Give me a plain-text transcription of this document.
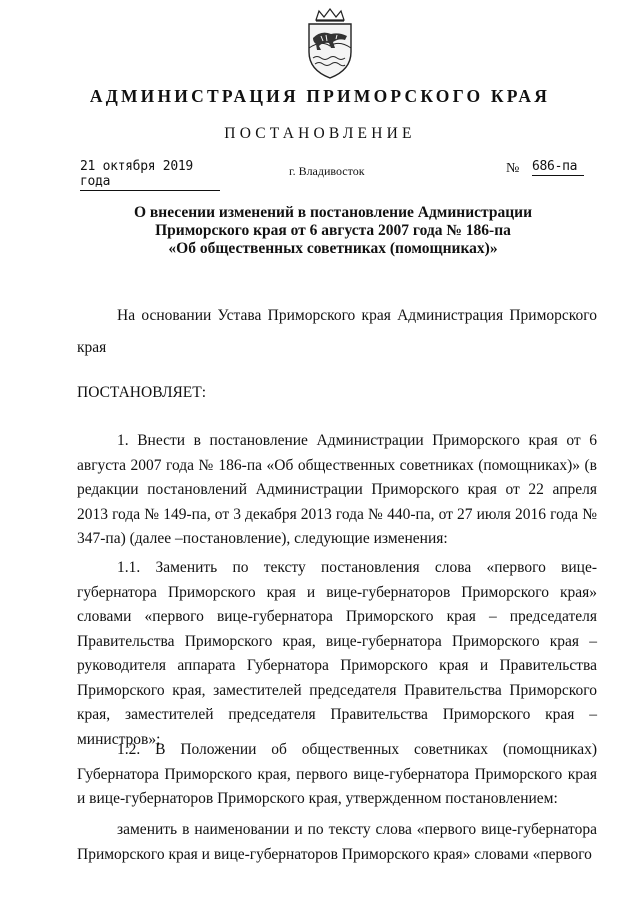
АДМИНИСТРАЦИЯ ПРИМОРСКОГО КРАЯ
ПОСТАНОВЛЕНИЕ
21 октября 2019 года
г. Владивосток	№ 686-па
О внесении изменений в постановление Администрации
Приморского края от 6 августа 2007 года № 186-па
«Об общественных советниках (помощниках)»
На основании Устава Приморского края Администрация Приморского края
ПОСТАНОВЛЯЕТ:
1. Внести в постановление Администрации Приморского края от 6 августа 2007 года № 186-па «Об общественных советниках (помощниках)» (в редакции постановлений Администрации Приморского края от 22 апреля 2013 года № 149-па, от 3 декабря 2013 года № 440-па, от 27 июля 2016 года № 347-па) (далее –постановление), следующие изменения:
1.1. Заменить по тексту постановления слова «первого вице-губернатора Приморского края и вице-губернаторов Приморского края» словами «первого вице-губернатора Приморского края – председателя Правительства Приморского края, вице-губернатора Приморского края – руководителя аппарата Губернатора Приморского края и Правительства Приморского края, заместителей председателя Правительства Приморского края, заместителей председателя Правительства Приморского края – министров»;
1.2. В Положении об общественных советниках (помощниках) Губернатора Приморского края, первого вице-губернатора Приморского края и вице-губернаторов Приморского края, утвержденном постановлением:
заменить в наименовании и по тексту слова «первого вице-губернатора Приморского края и вице-губернаторов Приморского края» словами «первого
